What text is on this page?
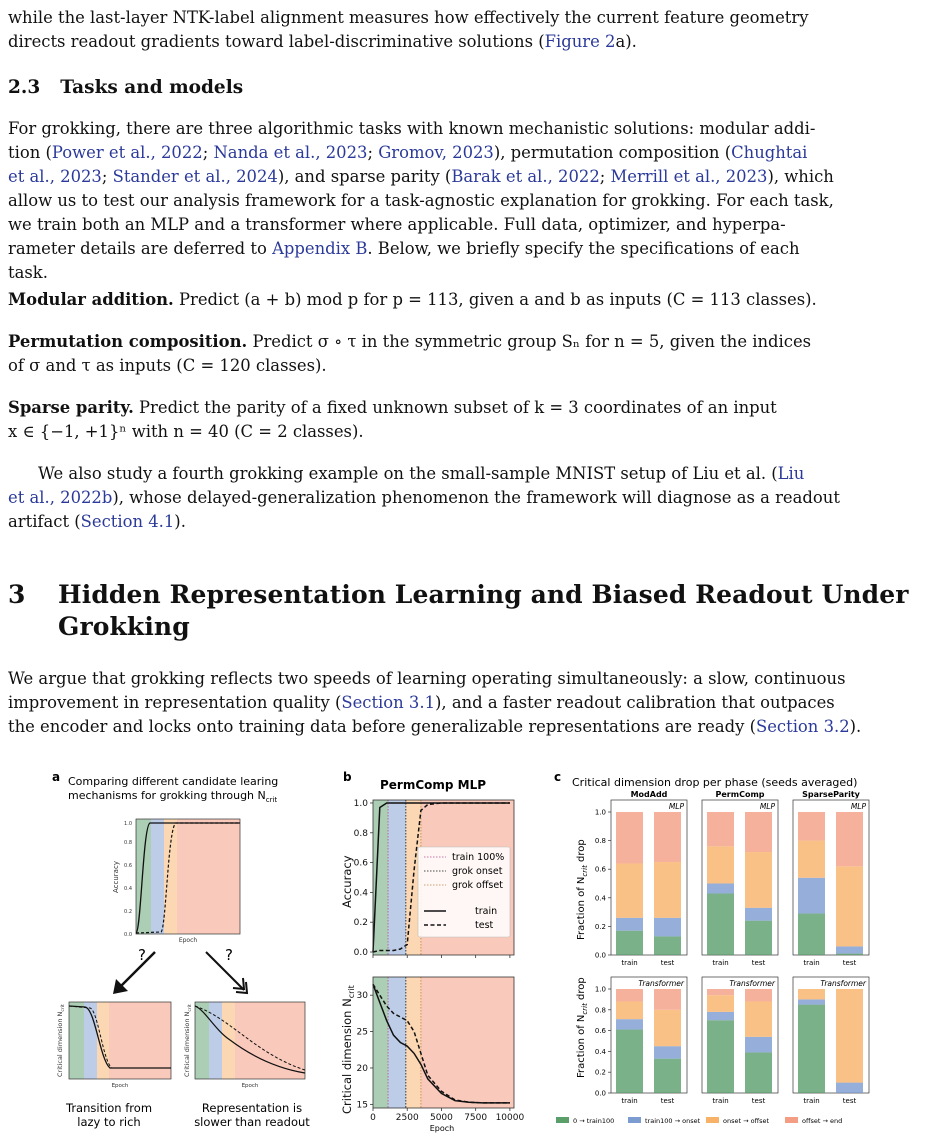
while the last-layer NTK-label alignment measures how effectively the current feature geometry
directs readout gradients toward label-discriminative solutions (Figure 2a).

2.3 Tasks and models

For grokking, there are three algorithmic tasks with known mechanistic solutions: modular addi-
tion (Power et al., 2022; Nanda et al., 2023; Gromov, 2023), permutation composition (Chughtai
et al., 2023; Stander et al., 2024), and sparse parity (Barak et al., 2022; Merrill et al., 2023), which
allow us to test our analysis framework for a task-agnostic explanation for grokking. For each task,
we train both an MLP and a transformer where applicable. Full data, optimizer, and hyperpa-
rameter details are deferred to Appendix B. Below, we briefly specify the specifications of each
task.

Modular addition. Predict (a + b) mod p for p = 113, given a and b as inputs (C = 113 classes).

Permutation composition. Predict σ ∘ τ in the symmetric group Sₙ for n = 5, given the indices
of σ and τ as inputs (C = 120 classes).

Sparse parity. Predict the parity of a fixed unknown subset of k = 3 coordinates of an input
x ∈ {−1, +1}ⁿ with n = 40 (C = 2 classes).

We also study a fourth grokking example on the small-sample MNIST setup of Liu et al. (Liu
et al., 2022b), whose delayed-generalization phenomenon the framework will diagnose as a readout
artifact (Section 4.1).

3 Hidden Representation Learning and Biased Readout Under
Grokking

We argue that grokking reflects two speeds of learning operating simultaneously: a slow, continuous
improvement in representation quality (Section 3.1), and a faster readout calibration that outpaces
the encoder and locks onto training data before generalizable representations are ready (Section 3.2).

a Comparing different candidate learing
mechanisms for grokking through $N_{crit}$
0.0
0.2
0.4
0.6
0.8
1.0
Accuracy
Epoch
?	?
Critical dimension $N_{crit}$
Epoch
Critical dimension $N_{crit}$
Epoch
Transition from
lazy to rich
Representation is
slower than readout
b
PermComp MLP
0.0
0.2
0.4
0.6
0.8
1.0
15
20
25
30
0 2500 5000 7500 10000
Accuracy
Critical dimension $N_{crit}$
Epoch
train 100%
grok onset
grok offset
train
test
c Critical dimension drop per phase (seeds averaged)
ModAdd
MLP
train	test
0.0
0.2
0.4
0.6
0.8
1.0
PermComp
MLP
train	test
SparseParity
MLP
train	test
Transformer
train	test
0.0
0.2
0.4
0.6
0.8
1.0
Transformer
train	test
Transformer
train	test
Fraction of $N_{crit}$ drop
Fraction of $N_{crit}$ drop
0 → train100	train100 → onset	onset → offset	offset → end
